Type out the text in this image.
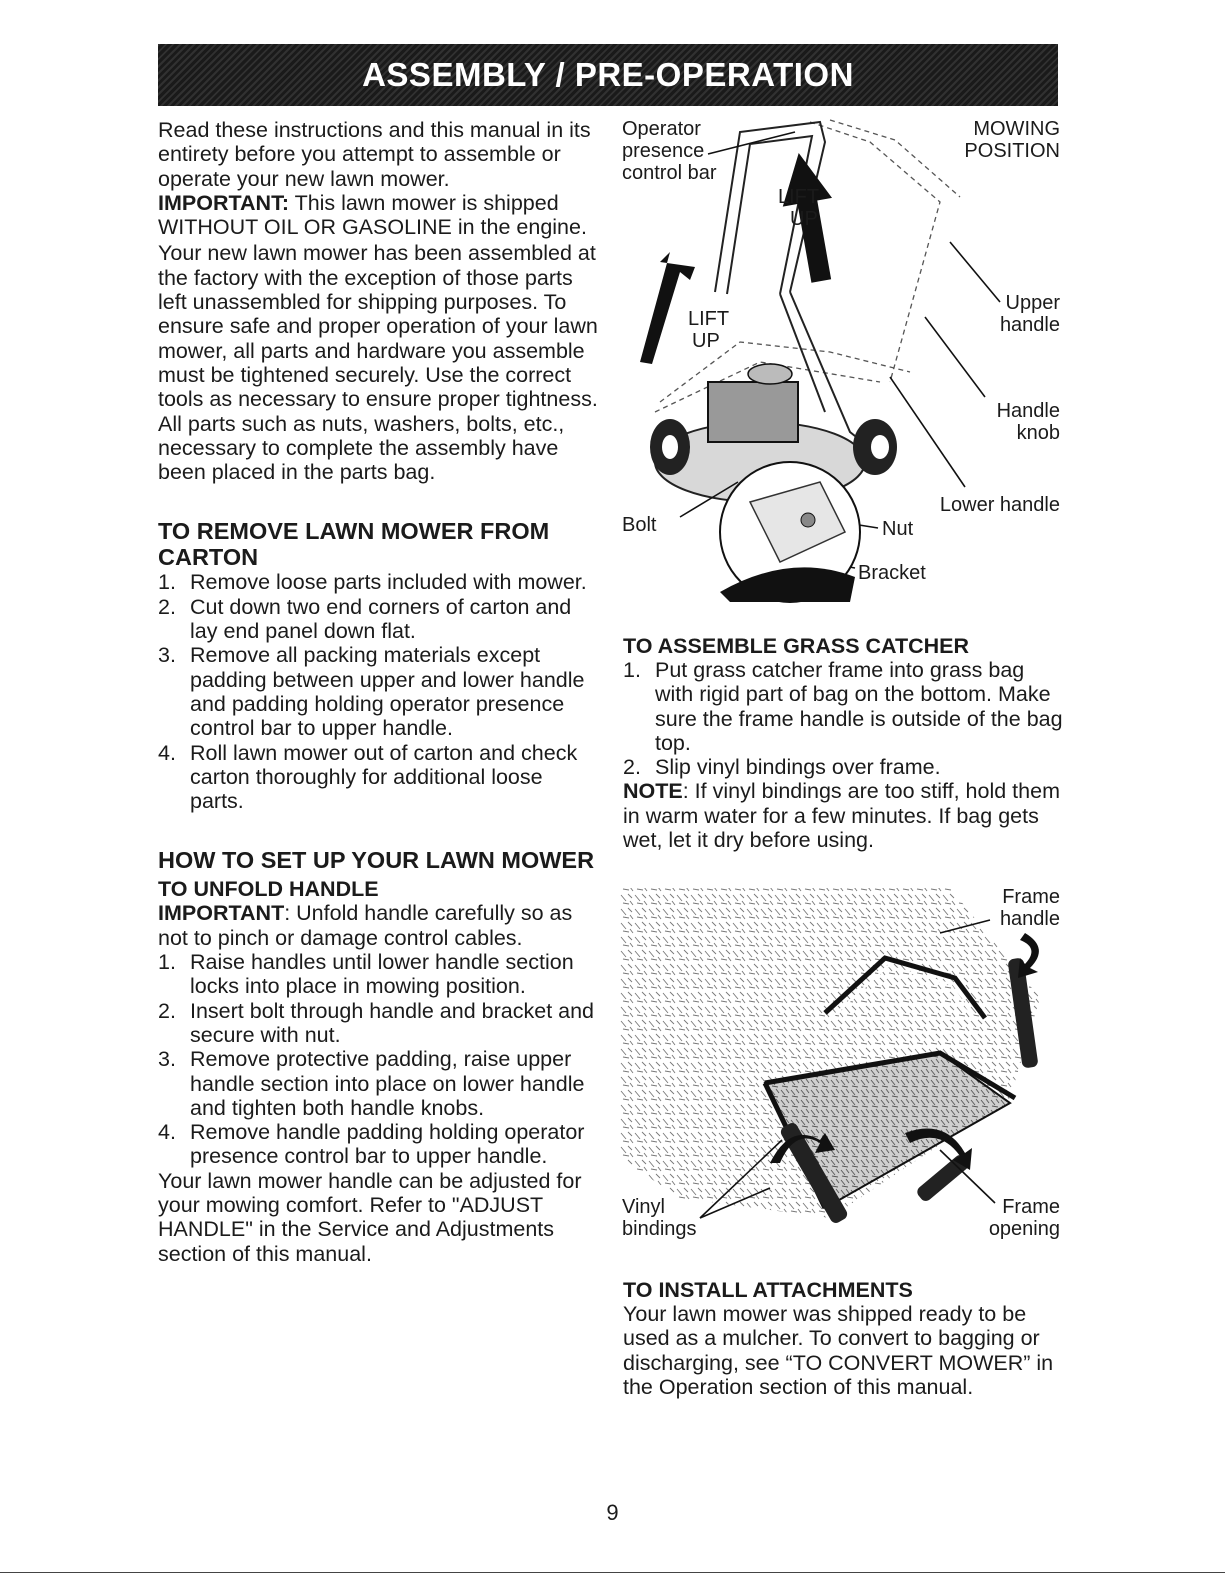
ASSEMBLY / PRE-OPERATION

Read these instructions and this manual in its entirety before you attempt to assemble or operate your new lawn mower.

IMPORTANT: This lawn mower is shipped WITHOUT OIL OR GASOLINE in the engine.

Your new lawn mower has been assembled at the factory with the exception of those parts left unassembled for shipping purposes. To ensure safe and proper operation of your lawn mower, all parts and hardware you assemble must be tightened securely. Use the correct tools as necessary to ensure proper tightness. All parts such as nuts, washers, bolts, etc., necessary to complete the assembly have been placed in the parts bag.

TO REMOVE LAWN MOWER FROM CARTON
1. Remove loose parts included with mower.
2. Cut down two end corners of carton and lay end panel down flat.
3. Remove all packing materials except padding between upper and lower handle and padding holding operator presence control bar to upper handle.
4. Roll lawn mower out of carton and check carton thoroughly for additional loose parts.
HOW TO SET UP YOUR LAWN MOWER
TO UNFOLD HANDLE

IMPORTANT: Unfold handle carefully so as not to pinch or damage control cables.

1. Raise handles until lower handle section locks into place in mowing position.
2. Insert bolt through handle and bracket and secure with nut.
3. Remove protective padding, raise upper handle section into place on lower handle and tighten both handle knobs.
4. Remove handle padding holding operator presence control bar to upper handle.

Your lawn mower handle can be adjusted for your mowing comfort. Refer to "ADJUST HANDLE" in the Service and Adjustments section of this manual.

Operator
presence
control bar
MOWING
POSITION
LIFT
UP
LIFT
UP
Upper
handle
Handle
knob
Lower handle
Bolt	Nut
Bracket
TO ASSEMBLE GRASS CATCHER
1. Put grass catcher frame into grass bag with rigid part of bag on the bottom. Make sure the frame handle is outside of the bag top.
2. Slip vinyl bindings over frame.

NOTE: If vinyl bindings are too stiff, hold them in warm water for a few minutes. If bag gets wet, let it dry before using.

Frame
handle
Vinyl
bindings
Frame
opening
TO INSTALL ATTACHMENTS

Your lawn mower was shipped ready to be used as a mulcher. To convert to bagging or discharging, see “TO CONVERT MOWER” in the Operation section of this manual.

9
